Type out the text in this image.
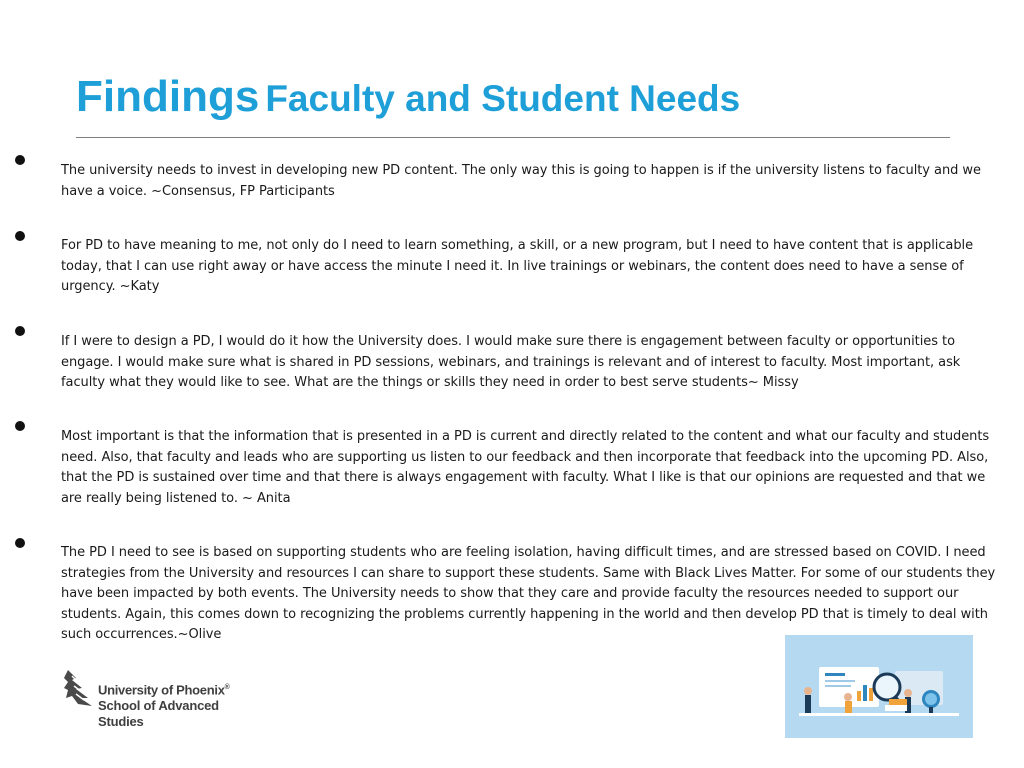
Findings Faculty and Student Needs

The university needs to invest in developing new PD content. The only way this is going to happen is if the university listens to faculty and we have a voice. ~Consensus, FP Participants

For PD to have meaning to me, not only do I need to learn something, a skill, or a new program, but I need to have content that is applicable today, that I can use right away or have access the minute I need it. In live trainings or webinars, the content does need to have a sense of urgency. ~Katy

If I were to design a PD, I would do it how the University does. I would make sure there is engagement between faculty or opportunities to engage. I would make sure what is shared in PD sessions, webinars, and trainings is relevant and of interest to faculty. Most important, ask faculty what they would like to see. What are the things or skills they need in order to best serve students~ Missy

Most important is that the information that is presented in a PD is current and directly related to the content and what our faculty and students need. Also, that faculty and leads who are supporting us listen to our feedback and then incorporate that feedback into the upcoming PD. Also, that the PD is sustained over time and that there is always engagement with faculty. What I like is that our opinions are requested and that we are really being listened to. ~ Anita

The PD I need to see is based on supporting students who are feeling isolation, having difficult times, and are stressed based on COVID. I need strategies from the University and resources I can share to support these students. Same with Black Lives Matter. For some of our students they have been impacted by both events. The University needs to show that they care and provide faculty the resources needed to support our students. Again, this comes down to recognizing the problems currently happening in the world and then develop PD that is timely to deal with such occurrences.~Olive

University of Phoenix®
School of Advanced
Studies
